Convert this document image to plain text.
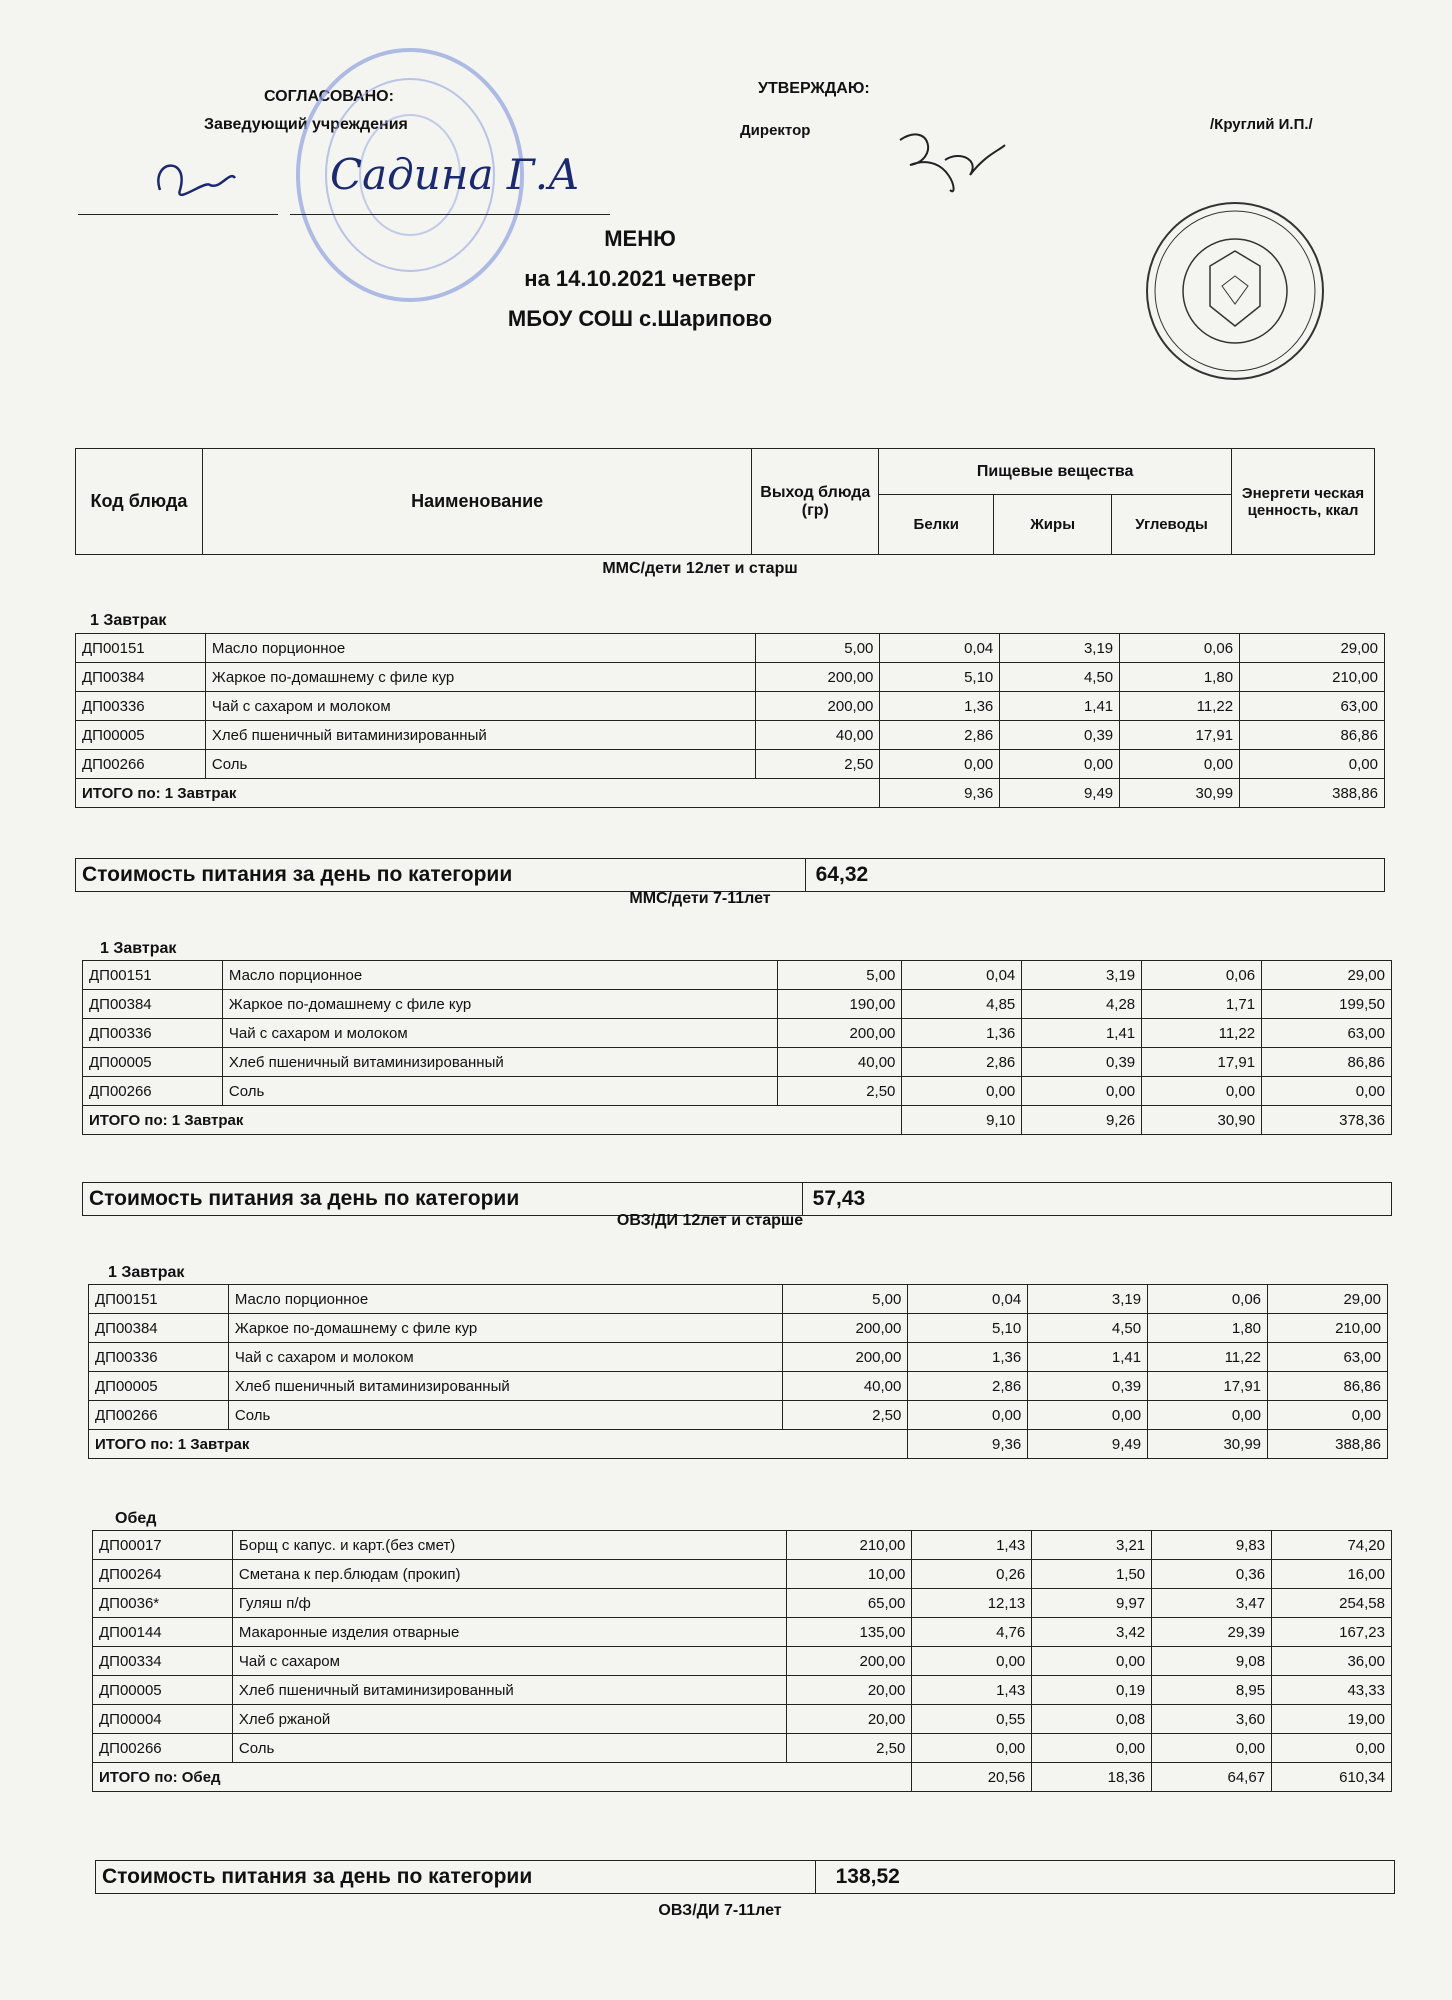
СОГЛАСОВАНО:
Заведующий учреждения
УТВЕРЖДАЮ:
Директор	/Круглий И.П./
Садина Г.А
МЕНЮ
на 14.10.2021 четверг
МБОУ СОШ с.Шарипово
Код блюда	Наименование	Выход блюда (гр)	Пищевые вещества			Энергети ческая ценность, ккал
			Белки	Жиры	Углеводы	
ММС/дети 12лет и старш
1 Завтрак
ДП00151	Масло порционное	5,00	0,04	3,19	0,06	29,00
ДП00384	Жаркое по-домашнему с филе кур	200,00	5,10	4,50	1,80	210,00
ДП00336	Чай с сахаром и молоком	200,00	1,36	1,41	11,22	63,00
ДП00005	Хлеб пшеничный витаминизированный	40,00	2,86	0,39	17,91	86,86
ДП00266	Соль	2,50	0,00	0,00	0,00	0,00
ИТОГО по: 1 Завтрак			9,36	9,49	30,99	388,86
Стоимость питания за день по категории	64,32
ММС/дети 7-11лет
1 Завтрак
ДП00151	Масло порционное	5,00	0,04	3,19	0,06	29,00
ДП00384	Жаркое по-домашнему с филе кур	190,00	4,85	4,28	1,71	199,50
ДП00336	Чай с сахаром и молоком	200,00	1,36	1,41	11,22	63,00
ДП00005	Хлеб пшеничный витаминизированный	40,00	2,86	0,39	17,91	86,86
ДП00266	Соль	2,50	0,00	0,00	0,00	0,00
ИТОГО по: 1 Завтрак			9,10	9,26	30,90	378,36
Стоимость питания за день по категории	57,43
ОВЗ/ДИ 12лет и старше
1 Завтрак
ДП00151	Масло порционное	5,00	0,04	3,19	0,06	29,00
ДП00384	Жаркое по-домашнему с филе кур	200,00	5,10	4,50	1,80	210,00
ДП00336	Чай с сахаром и молоком	200,00	1,36	1,41	11,22	63,00
ДП00005	Хлеб пшеничный витаминизированный	40,00	2,86	0,39	17,91	86,86
ДП00266	Соль	2,50	0,00	0,00	0,00	0,00
ИТОГО по: 1 Завтрак			9,36	9,49	30,99	388,86
Обед
ДП00017	Борщ с капус. и карт.(без смет)	210,00	1,43	3,21	9,83	74,20
ДП00264	Сметана к пер.блюдам (прокип)	10,00	0,26	1,50	0,36	16,00
ДП0036*	Гуляш п/ф	65,00	12,13	9,97	3,47	254,58
ДП00144	Макаронные изделия отварные	135,00	4,76	3,42	29,39	167,23
ДП00334	Чай с сахаром	200,00	0,00	0,00	9,08	36,00
ДП00005	Хлеб пшеничный витаминизированный	20,00	1,43	0,19	8,95	43,33
ДП00004	Хлеб ржаной	20,00	0,55	0,08	3,60	19,00
ДП00266	Соль	2,50	0,00	0,00	0,00	0,00
ИТОГО по: Обед			20,56	18,36	64,67	610,34
Стоимость питания за день по категории	138,52
ОВЗ/ДИ 7-11лет
